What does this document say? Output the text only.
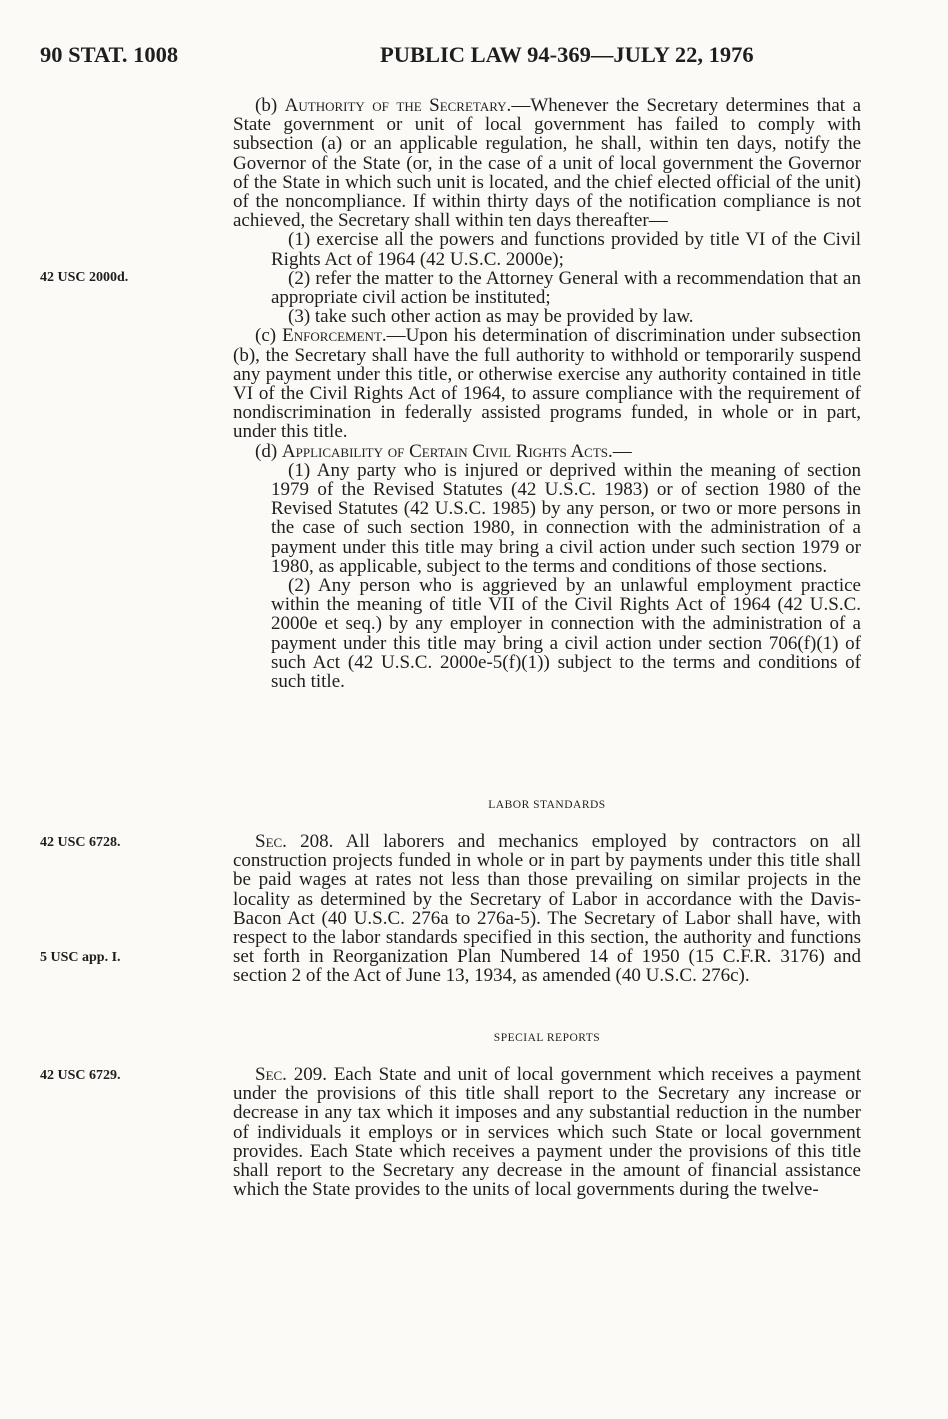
90 STAT. 1008	PUBLIC LAW 94-369—JULY 22, 1976
42 USC 2000d.
42 USC 6728.
5 USC app. I.
42 USC 6729.

(b) Authority of the Secretary.—Whenever the Secretary determines that a State government or unit of local government has failed to comply with subsection (a) or an applicable regulation, he shall, within ten days, notify the Governor of the State (or, in the case of a unit of local government the Governor of the State in which such unit is located, and the chief elected official of the unit) of the noncompliance. If within thirty days of the notification compliance is not achieved, the Secretary shall within ten days thereafter—

(1) exercise all the powers and functions provided by title VI of the Civil Rights Act of 1964 (42 U.S.C. 2000e);

(2) refer the matter to the Attorney General with a recommendation that an appropriate civil action be instituted;

(3) take such other action as may be provided by law.

(c) Enforcement.—Upon his determination of discrimination under subsection (b), the Secretary shall have the full authority to withhold or temporarily suspend any payment under this title, or otherwise exercise any authority contained in title VI of the Civil Rights Act of 1964, to assure compliance with the requirement of nondiscrimination in federally assisted programs funded, in whole or in part, under this title.

(d) Applicability of Certain Civil Rights Acts.—

(1) Any party who is injured or deprived within the meaning of section 1979 of the Revised Statutes (42 U.S.C. 1983) or of section 1980 of the Revised Statutes (42 U.S.C. 1985) by any person, or two or more persons in the case of such section 1980, in connection with the administration of a payment under this title may bring a civil action under such section 1979 or 1980, as applicable, subject to the terms and conditions of those sections.

(2) Any person who is aggrieved by an unlawful employment practice within the meaning of title VII of the Civil Rights Act of 1964 (42 U.S.C. 2000e et seq.) by any employer in connection with the administration of a payment under this title may bring a civil action under section 706(f)(1) of such Act (42 U.S.C. 2000e-5(f)(1)) subject to the terms and conditions of such title.

LABOR STANDARDS

Sec. 208. All laborers and mechanics employed by contractors on all construction projects funded in whole or in part by payments under this title shall be paid wages at rates not less than those prevailing on similar projects in the locality as determined by the Secretary of Labor in accordance with the Davis-Bacon Act (40 U.S.C. 276a to 276a-5). The Secretary of Labor shall have, with respect to the labor standards specified in this section, the authority and functions set forth in Reorganization Plan Numbered 14 of 1950 (15 C.F.R. 3176) and section 2 of the Act of June 13, 1934, as amended (40 U.S.C. 276c).

SPECIAL REPORTS

Sec. 209. Each State and unit of local government which receives a payment under the provisions of this title shall report to the Secretary any increase or decrease in any tax which it imposes and any substantial reduction in the number of individuals it employs or in services which such State or local government provides. Each State which receives a payment under the provisions of this title shall report to the Secretary any decrease in the amount of financial assistance which the State provides to the units of local governments during the twelve-
